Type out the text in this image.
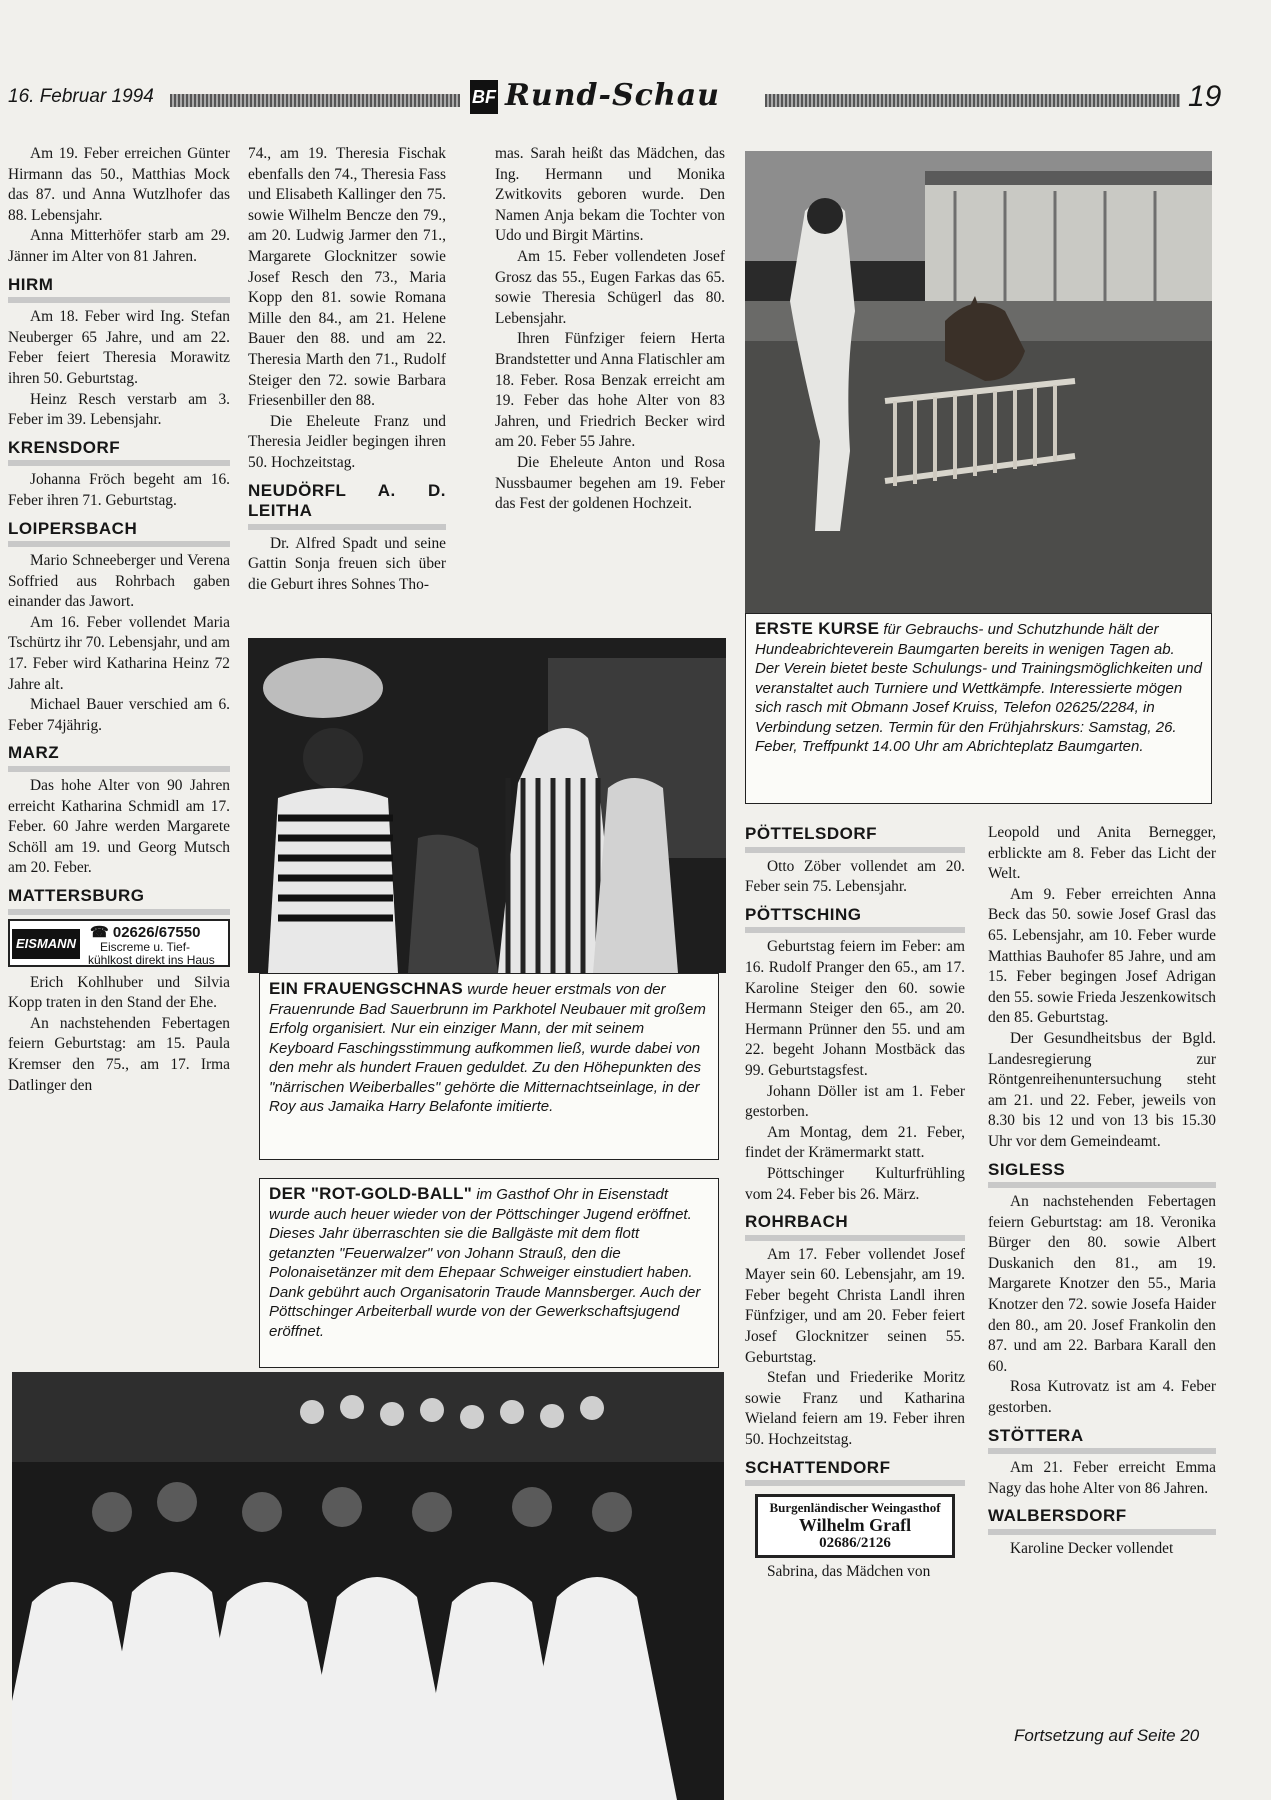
16. Februar 1994	BF Rund-Schau	19

Am 19. Feber erreichen Günter Hirmann das 50., Matthias Mock das 87. und Anna Wutzlhofer das 88. Lebensjahr.

Anna Mitterhöfer starb am 29. Jänner im Alter von 81 Jahren.

HIRM

Am 18. Feber wird Ing. Stefan Neuberger 65 Jahre, und am 22. Feber feiert Theresia Morawitz ihren 50. Geburtstag.

Heinz Resch verstarb am 3. Feber im 39. Lebensjahr.

KRENSDORF

Johanna Fröch begeht am 16. Feber ihren 71. Geburtstag.

LOIPERSBACH

Mario Schneeberger und Verena Soffried aus Rohrbach gaben einander das Jawort.

Am 16. Feber vollendet Maria Tschürtz ihr 70. Lebensjahr, und am 17. Feber wird Katharina Heinz 72 Jahre alt.

Michael Bauer verschied am 6. Feber 74jährig.

MARZ

Das hohe Alter von 90 Jahren erreicht Katharina Schmidl am 17. Feber. 60 Jahre werden Margarete Schöll am 19. und Georg Mutsch am 20. Feber.

MATTERSBURG
EISMANN
☎ 02626/67550
Eiscreme u. Tief-
kühlkost direkt ins Haus

Erich Kohlhuber und Silvia Kopp traten in den Stand der Ehe.

An nachstehenden Febertagen feiern Geburtstag: am 15. Paula Kremser den 75., am 17. Irma Datlinger den

74., am 19. Theresia Fischak ebenfalls den 74., Theresia Fass und Elisabeth Kallinger den 75. sowie Wilhelm Bencze den 79., am 20. Ludwig Jarmer den 71., Margarete Glocknitzer sowie Josef Resch den 73., Maria Kopp den 81. sowie Romana Mille den 84., am 21. Helene Bauer den 88. und am 22. Theresia Marth den 71., Rudolf Steiger den 72. sowie Barbara Friesenbiller den 88.

Die Eheleute Franz und Theresia Jeidler begingen ihren 50. Hochzeitstag.

NEUDÖRFL A. D. LEITHA

Dr. Alfred Spadt und seine Gattin Sonja freuen sich über die Geburt ihres Sohnes Tho-

mas. Sarah heißt das Mädchen, das Ing. Hermann und Monika Zwitkovits geboren wurde. Den Namen Anja bekam die Tochter von Udo und Birgit Märtins.

Am 15. Feber vollendeten Josef Grosz das 55., Eugen Farkas das 65. sowie Theresia Schügerl das 80. Lebensjahr.

Ihren Fünfziger feiern Herta Brandstetter und Anna Flatischler am 18. Feber. Rosa Benzak erreicht am 19. Feber das hohe Alter von 83 Jahren, und Friedrich Becker wird am 20. Feber 55 Jahre.

Die Eheleute Anton und Rosa Nussbaumer begehen am 19. Feber das Fest der goldenen Hochzeit.

ERSTE KURSE für Gebrauchs- und Schutzhunde hält der Hundeabrichteverein Baumgarten bereits in wenigen Tagen ab. Der Verein bietet beste Schulungs- und Trainingsmöglichkeiten und veranstaltet auch Turniere und Wettkämpfe. Interessierte mögen sich rasch mit Obmann Josef Kruiss, Telefon 02625/2284, in Verbindung setzen. Termin für den Frühjahrskurs: Samstag, 26. Feber, Treffpunkt 14.00 Uhr am Abrichteplatz Baumgarten.
EIN FRAUENGSCHNAS wurde heuer erstmals von der Frauenrunde Bad Sauerbrunn im Parkhotel Neubauer mit großem Erfolg organisiert. Nur ein einziger Mann, der mit seinem Keyboard Faschingsstimmung aufkommen ließ, wurde dabei von den mehr als hundert Frauen geduldet. Zu den Höhepunkten des "närrischen Weiberballes" gehörte die Mitternachtseinlage, in der Roy aus Jamaika Harry Belafonte imitierte.
DER "ROT-GOLD-BALL" im Gasthof Ohr in Eisenstadt wurde auch heuer wieder von der Pöttschinger Jugend eröffnet. Dieses Jahr überraschten sie die Ballgäste mit dem flott getanzten "Feuerwalzer" von Johann Strauß, den die Polonaisetänzer mit dem Ehepaar Schweiger einstudiert haben. Dank gebührt auch Organisatorin Traude Mannsberger. Auch der Pöttschinger Arbeiterball wurde von der Gewerkschaftsjugend eröffnet.
PÖTTELSDORF

Otto Zöber vollendet am 20. Feber sein 75. Lebensjahr.

PÖTTSCHING

Geburtstag feiern im Feber: am 16. Rudolf Pranger den 65., am 17. Karoline Steiger den 60. sowie Hermann Steiger den 65., am 20. Hermann Prünner den 55. und am 22. begeht Johann Mostbäck das 99. Geburtstagsfest.

Johann Döller ist am 1. Feber gestorben.

Am Montag, dem 21. Feber, findet der Krämermarkt statt.

Pöttschinger Kulturfrühling vom 24. Feber bis 26. März.

ROHRBACH

Am 17. Feber vollendet Josef Mayer sein 60. Lebensjahr, am 19. Feber begeht Christa Landl ihren Fünfziger, und am 20. Feber feiert Josef Glocknitzer seinen 55. Geburtstag.

Stefan und Friederike Moritz sowie Franz und Katharina Wieland feiern am 19. Feber ihren 50. Hochzeitstag.

SCHATTENDORF
Burgenländischer Weingasthof
Wilhelm Grafl
02686/2126

Sabrina, das Mädchen von

Leopold und Anita Bernegger, erblickte am 8. Feber das Licht der Welt.

Am 9. Feber erreichten Anna Beck das 50. sowie Josef Grasl das 65. Lebensjahr, am 10. Feber wurde Matthias Bauhofer 85 Jahre, und am 15. Feber begingen Josef Adrigan den 55. sowie Frieda Jeszenkowitsch den 85. Geburtstag.

Der Gesundheitsbus der Bgld. Landesregierung zur Röntgenreihenuntersuchung steht am 21. und 22. Feber, jeweils von 8.30 bis 12 und von 13 bis 15.30 Uhr vor dem Gemeindeamt.

SIGLESS

An nachstehenden Febertagen feiern Geburtstag: am 18. Veronika Bürger den 80. sowie Albert Duskanich den 81., am 19. Margarete Knotzer den 55., Maria Knotzer den 72. sowie Josefa Haider den 80., am 20. Josef Frankolin den 87. und am 22. Barbara Karall den 60.

Rosa Kutrovatz ist am 4. Feber gestorben.

STÖTTERA

Am 21. Feber erreicht Emma Nagy das hohe Alter von 86 Jahren.

WALBERSDORF

Karoline Decker vollendet

Fortsetzung auf Seite 20
